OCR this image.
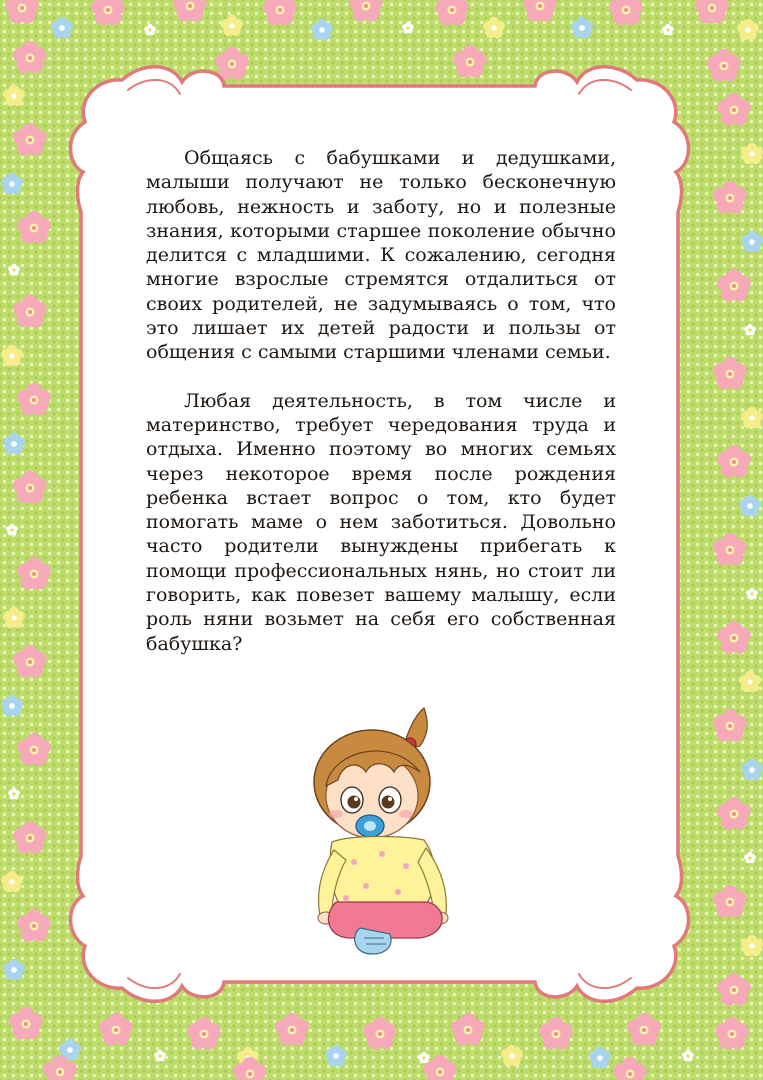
Общаясь с бабушками и дедушками, малыши получают не только бесконечную любовь, нежность и заботу, но и полезные знания, которыми старшее поколение обычно делится с младшими. К сожалению, сегодня многие взрослые стремятся отдалиться от своих родителей, не задумываясь о том, что это лишает их детей радости и пользы от общения с самыми старшими членами семьи.

Любая деятельность, в том числе и материнство, требует чередования труда и отдыха. Именно поэтому во многих семьях через некоторое время после рождения ребенка встает вопрос о том, кто будет помогать маме о нем заботиться. Довольно часто родители вынуждены прибегать к помощи профессиональных нянь, но стоит ли говорить, как повезет вашему малышу, если роль няни возьмет на себя его собственная бабушка?
